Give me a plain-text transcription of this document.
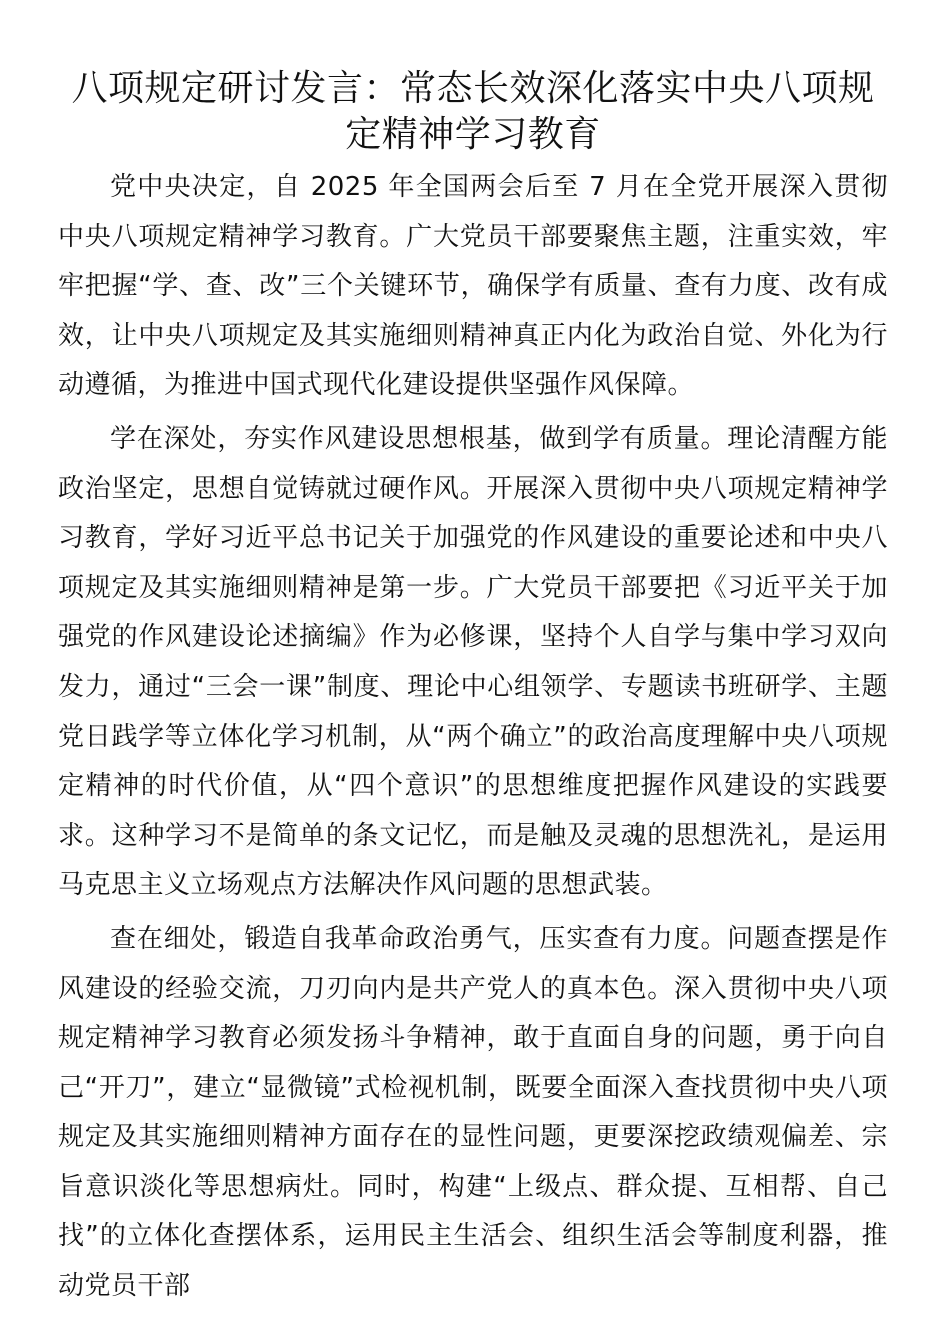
八项规定研讨发言：常态长效深化落实中央八项规定精神学习教育

党中央决定，自 2025 年全国两会后至 7 月在全党开展深入贯彻中央八项规定精神学习教育。广大党员干部要聚焦主题，注重实效，牢牢把握“学、查、改”三个关键环节，确保学有质量、查有力度、改有成效，让中央八项规定及其实施细则精神真正内化为政治自觉、外化为行动遵循，为推进中国式现代化建设提供坚强作风保障。

学在深处，夯实作风建设思想根基，做到学有质量。理论清醒方能政治坚定，思想自觉铸就过硬作风。开展深入贯彻中央八项规定精神学习教育，学好习近平总书记关于加强党的作风建设的重要论述和中央八项规定及其实施细则精神是第一步。广大党员干部要把《习近平关于加强党的作风建设论述摘编》作为必修课，坚持个人自学与集中学习双向发力，通过“三会一课”制度、理论中心组领学、专题读书班研学、主题党日践学等立体化学习机制，从“两个确立”的政治高度理解中央八项规定精神的时代价值，从“四个意识”的思想维度把握作风建设的实践要求。这种学习不是简单的条文记忆，而是触及灵魂的思想洗礼，是运用马克思主义立场观点方法解决作风问题的思想武装。

查在细处，锻造自我革命政治勇气，压实查有力度。问题查摆是作风建设的经验交流，刀刃向内是共产党人的真本色。深入贯彻中央八项规定精神学习教育必须发扬斗争精神，敢于直面自身的问题，勇于向自己“开刀”，建立“显微镜”式检视机制，既要全面深入查找贯彻中央八项规定及其实施细则精神方面存在的显性问题，更要深挖政绩观偏差、宗旨意识淡化等思想病灶。同时，构建“上级点、群众提、互相帮、自己找”的立体化查摆体系，运用民主生活会、组织生活会等制度利器，推动党员干部
